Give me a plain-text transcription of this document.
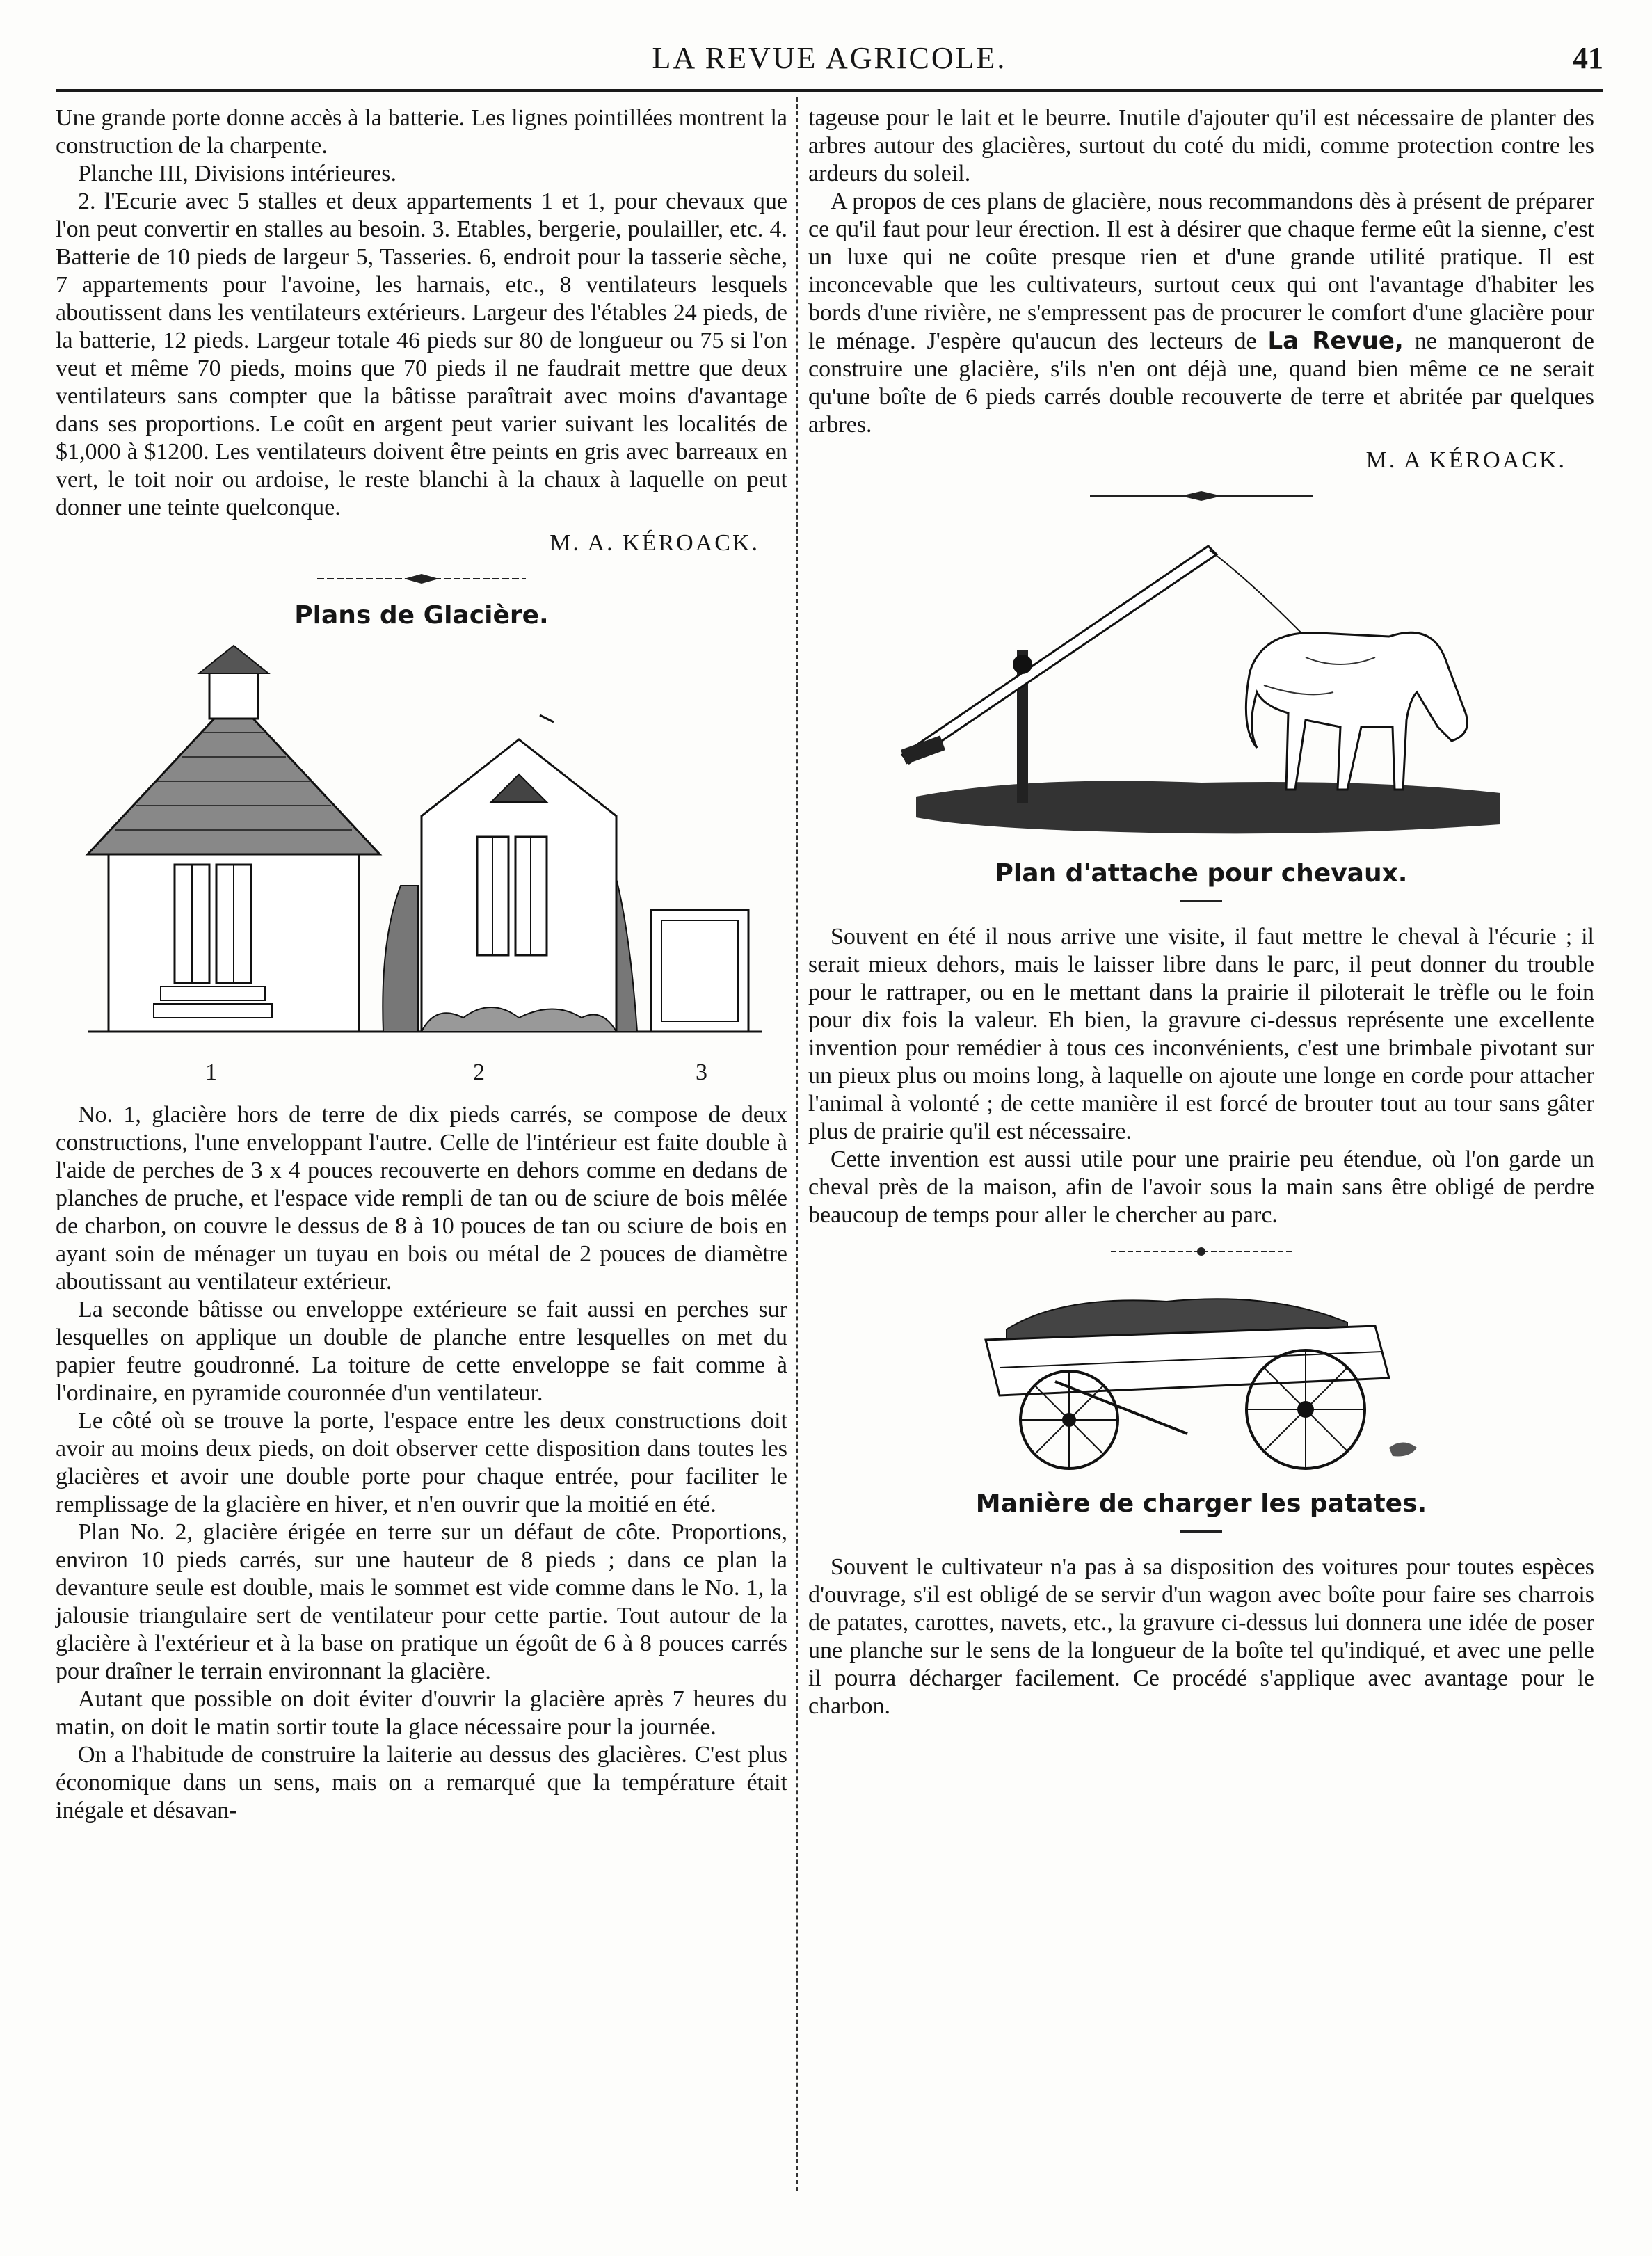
LA REVUE AGRICOLE.	41

Une grande porte donne accès à la batterie. Les lignes pointillées montrent la construction de la charpente.

Planche III, Divisions intérieures.

2. l'Ecurie avec 5 stalles et deux appartements 1 et 1, pour chevaux que l'on peut convertir en stalles au besoin. 3. Etables, bergerie, poulailler, etc. 4. Batterie de 10 pieds de largeur 5, Tasseries. 6, endroit pour la tasserie sèche, 7 appartements pour l'avoine, les harnais, etc., 8 ventilateurs lesquels aboutissent dans les ventilateurs extérieurs. Largeur des l'étables 24 pieds, de la batterie, 12 pieds. Largeur totale 46 pieds sur 80 de longueur ou 75 si l'on veut et même 70 pieds, moins que 70 pieds il ne faudrait mettre que deux ventilateurs sans compter que la bâtisse paraîtrait avec moins d'avantage dans ses proportions. Le coût en argent peut varier suivant les localités de $1,000 à $1200. Les ventilateurs doivent être peints en gris avec barreaux en vert, le toit noir ou ardoise, le reste blanchi à la chaux à laquelle on peut donner une teinte quelconque.

M. A. KÉROACK.
Plans de Glacière.
1	2	3

No. 1, glacière hors de terre de dix pieds carrés, se compose de deux constructions, l'une enveloppant l'autre. Celle de l'intérieur est faite double à l'aide de perches de 3 x 4 pouces recouverte en dehors comme en dedans de planches de pruche, et l'espace vide rempli de tan ou de sciure de bois mêlée de charbon, on couvre le dessus de 8 à 10 pouces de tan ou sciure de bois en ayant soin de ménager un tuyau en bois ou métal de 2 pouces de diamètre aboutissant au ventilateur extérieur.

La seconde bâtisse ou enveloppe extérieure se fait aussi en perches sur lesquelles on applique un double de planche entre lesquelles on met du papier feutre goudronné. La toiture de cette enveloppe se fait comme à l'ordinaire, en pyramide couronnée d'un ventilateur.

Le côté où se trouve la porte, l'espace entre les deux constructions doit avoir au moins deux pieds, on doit observer cette disposition dans toutes les glacières et avoir une double porte pour chaque entrée, pour faciliter le remplissage de la glacière en hiver, et n'en ouvrir que la moitié en été.

Plan No. 2, glacière érigée en terre sur un défaut de côte. Proportions, environ 10 pieds carrés, sur une hauteur de 8 pieds ; dans ce plan la devanture seule est double, mais le sommet est vide comme dans le No. 1, la jalousie triangulaire sert de ventilateur pour cette partie. Tout autour de la glacière à l'extérieur et à la base on pratique un égoût de 6 à 8 pouces carrés pour draîner le terrain environnant la glacière.

Autant que possible on doit éviter d'ouvrir la glacière après 7 heures du matin, on doit le matin sortir toute la glace nécessaire pour la journée.

On a l'habitude de construire la laiterie au dessus des glacières. C'est plus économique dans un sens, mais on a remarqué que la température était inégale et désavan-

tageuse pour le lait et le beurre. Inutile d'ajouter qu'il est nécessaire de planter des arbres autour des glacières, surtout du coté du midi, comme protection contre les ardeurs du soleil.

A propos de ces plans de glacière, nous recommandons dès à présent de préparer ce qu'il faut pour leur érection. Il est à désirer que chaque ferme eût la sienne, c'est un luxe qui ne coûte presque rien et d'une grande utilité pratique. Il est inconcevable que les cultivateurs, surtout ceux qui ont l'avantage d'habiter les bords d'une rivière, ne s'empressent pas de procurer le comfort d'une glacière pour le ménage. J'espère qu'aucun des lecteurs de La Revue, ne manqueront de construire une glacière, s'ils n'en ont déjà une, quand bien même ce ne serait qu'une boîte de 6 pieds carrés double recouverte de terre et abritée par quelques arbres.

M. A KÉROACK.
Plan d'attache pour chevaux.

Souvent en été il nous arrive une visite, il faut mettre le cheval à l'écurie ; il serait mieux dehors, mais le laisser libre dans le parc, il peut donner du trouble pour le rattraper, ou en le mettant dans la prairie il piloterait le trèfle ou le foin pour dix fois la valeur. Eh bien, la gravure ci-dessus représente une excellente invention pour remédier à tous ces inconvénients, c'est une brimbale pivotant sur un pieux plus ou moins long, à laquelle on ajoute une longe en corde pour attacher l'animal à volonté ; de cette manière il est forcé de brouter tout au tour sans gâter plus de prairie qu'il est nécessaire.

Cette invention est aussi utile pour une prairie peu étendue, où l'on garde un cheval près de la maison, afin de l'avoir sous la main sans être obligé de perdre beaucoup de temps pour aller le chercher au parc.

Manière de charger les patates.

Souvent le cultivateur n'a pas à sa disposition des voitures pour toutes espèces d'ouvrage, s'il est obligé de se servir d'un wagon avec boîte pour faire ses charrois de patates, carottes, navets, etc., la gravure ci-dessus lui donnera une idée de poser une planche sur le sens de la longueur de la boîte tel qu'indiqué, et avec une pelle il pourra décharger facilement. Ce procédé s'applique avec avantage pour le charbon.
